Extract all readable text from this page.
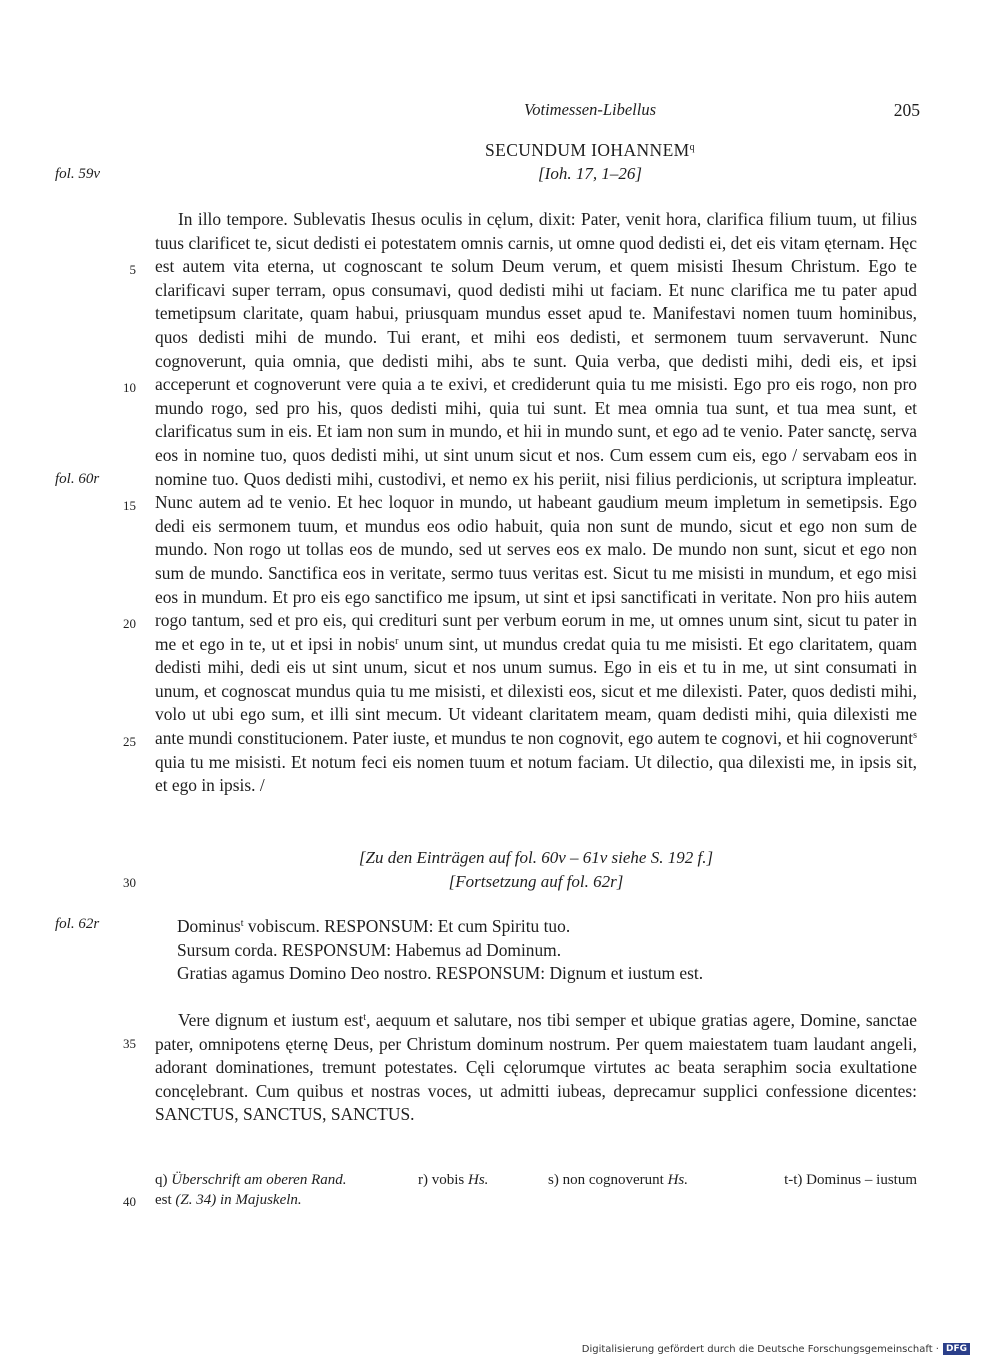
Votimessen-Libellus	205
SECUNDUM IOHANNEM$^q$
[Ioh. 17, 1–26]
fol. 59v
fol. 60r
fol. 62r
5
10
15
20
25
30
35
40

In illo tempore. Sublevatis Ihesus oculis in cęlum, dixit: Pater, venit hora, clarifica filium tuum, ut filius tuus clarificet te, sicut dedisti ei potestatem omnis carnis, ut omne quod dedisti ei, det eis vitam ęternam. Hęc est autem vita eterna, ut cognoscant te solum Deum verum, et quem misisti Ihesum Christum. Ego te clarificavi super terram, opus consumavi, quod dedisti mihi ut faciam. Et nunc clarifica me tu pater apud temetipsum claritate, quam habui, priusquam mundus esset apud te. Manifestavi nomen tuum hominibus, quos dedisti mihi de mundo. Tui erant, et mihi eos dedisti, et sermonem tuum servaverunt. Nunc cognoverunt, quia omnia, que dedisti mihi, abs te sunt. Quia verba, que dedisti mihi, dedi eis, et ipsi acceperunt et cognoverunt vere quia a te exivi, et crediderunt quia tu me misisti. Ego pro eis rogo, non pro mundo rogo, sed pro his, quos dedisti mihi, quia tui sunt. Et mea omnia tua sunt, et tua mea sunt, et clarificatus sum in eis. Et iam non sum in mundo, et hii in mundo sunt, et ego ad te venio. Pater sanctę, serva eos in nomine tuo, quos dedisti mihi, ut sint unum sicut et nos. Cum essem cum eis, ego / servabam eos in nomine tuo. Quos dedisti mihi, custodivi, et nemo ex his periit, nisi filius perdicionis, ut scriptura impleatur. Nunc autem ad te venio. Et hec loquor in mundo, ut habeant gaudium meum impletum in semetipsis. Ego dedi eis sermonem tuum, et mundus eos odio habuit, quia non sunt de mundo, sicut et ego non sum de mundo. Non rogo ut tollas eos de mundo, sed ut serves eos ex malo. De mundo non sunt, sicut et ego non sum de mundo. Sanctifica eos in veritate, sermo tuus veritas est. Sicut tu me misisti in mundum, et ego misi eos in mundum. Et pro eis ego sanctifico me ipsum, ut sint et ipsi sanctificati in veritate. Non pro hiis autem rogo tantum, sed et pro eis, qui credituri sunt per verbum eorum in me, ut omnes unum sint, sicut tu pater in me et ego in te, ut et ipsi in nobis$^r$ unum sint, ut mundus credat quia tu me misisti. Et ego claritatem, quam dedisti mihi, dedi eis ut sint unum, sicut et nos unum sumus. Ego in eis et tu in me, ut sint consumati in unum, et cognoscat mundus quia tu me misisti, et dilexisti eos, sicut et me dilexisti. Pater, quos dedisti mihi, volo ut ubi ego sum, et illi sint mecum. Ut videant claritatem meam, quam dedisti mihi, quia dilexisti me ante mundi constitucionem. Pater iuste, et mundus te non cognovit, ego autem te cognovi, et hii cognoverunt$^s$ quia tu me misisti. Et notum feci eis nomen tuum et notum faciam. Ut dilectio, qua dilexisti me, in ipsis sit, et ego in ipsis. /

[Zu den Einträgen auf fol. 60v – 61v siehe S. 192 f.]
[Fortsetzung auf fol. 62r]
Dominus$^t$ vobiscum. RESPONSUM: Et cum Spiritu tuo.
Sursum corda. RESPONSUM: Habemus ad Dominum.
Gratias agamus Domino Deo nostro. RESPONSUM: Dignum et iustum est.

Vere dignum et iustum est$^t$, aequum et salutare, nos tibi semper et ubique gratias agere, Domine, sanctae pater, omnipotens ęternę Deus, per Christum dominum nostrum. Per quem maiestatem tuam laudant angeli, adorant dominationes, tremunt potestates. Cęli cęlorumque virtutes ac beata seraphim socia exultatione concęlebrant. Cum quibus et nostras voces, ut admitti iubeas, deprecamur supplici confessione dicentes: SANCTUS, SANCTUS, SANCTUS.

q) Überschrift am oberen Rand.	r) vobis Hs.	s) non cognoverunt Hs.	t-t) Dominus – iustum
est (Z. 34) in Majuskeln.
Digitalisierung gefördert durch die Deutsche Forschungsgemeinschaft · DFG
